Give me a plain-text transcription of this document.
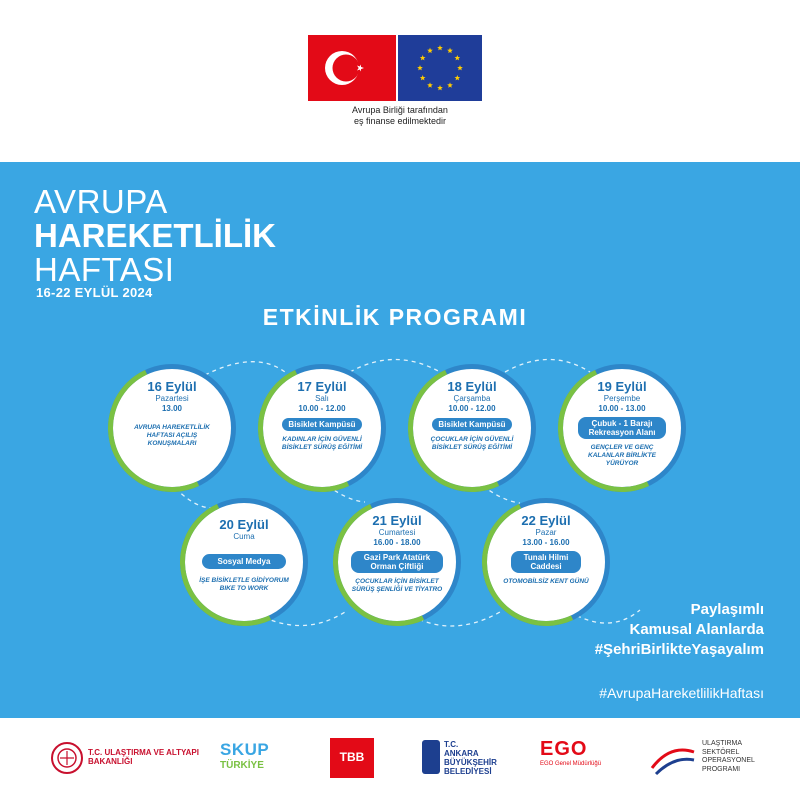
Avrupa Birliği tarafından
eş finanse edilmektedir
AVRUPA
HAREKETLİLİK
HAFTASI
16-22 EYLÜL 2024
ETKİNLİK PROGRAMI
16 Eylül
Pazartesi
13.00
AVRUPA HAREKETLİLİK HAFTASI AÇILIŞ KONUŞMALARI
17 Eylül
Salı
10.00 - 12.00
Bisiklet Kampüsü
KADINLAR İÇİN GÜVENLİ BİSİKLET SÜRÜŞ EĞİTİMİ
18 Eylül
Çarşamba
10.00 - 12.00
Bisiklet Kampüsü
ÇOCUKLAR İÇİN GÜVENLİ BİSİKLET SÜRÜŞ EĞİTİMİ
19 Eylül
Perşembe
10.00 - 13.00
Çubuk - 1 Barajı Rekreasyon Alanı
GENÇLER VE GENÇ KALANLAR BİRLİKTE YÜRÜYOR
20 Eylül
Cuma
Sosyal Medya
İŞE BİSİKLETLE GİDİYORUM BIKE TO WORK
21 Eylül
Cumartesi
16.00 - 18.00
Gazi Park Atatürk Orman Çiftliği
ÇOCUKLAR İÇİN BİSİKLET SÜRÜŞ ŞENLİĞİ VE TİYATRO
22 Eylül
Pazar
13.00 - 16.00
Tunalı Hilmi Caddesi
OTOMOBİLSİZ KENT GÜNÜ
Paylaşımlı
Kamusal Alanlarda
#ŞehriBirlikteYaşayalım
#AvrupaHareketlilikHaftası
T.C. ULAŞTIRMA VE ALTYAPI BAKANLIĞI
SKUP
TÜRKİYE
TBB
T.C.
ANKARA
BÜYÜKŞEHİR
BELEDİYESİ
EGO
EGO Genel Müdürlüğü
ULAŞTIRMA
SEKTÖREL
OPERASYONEL
PROGRAMI
